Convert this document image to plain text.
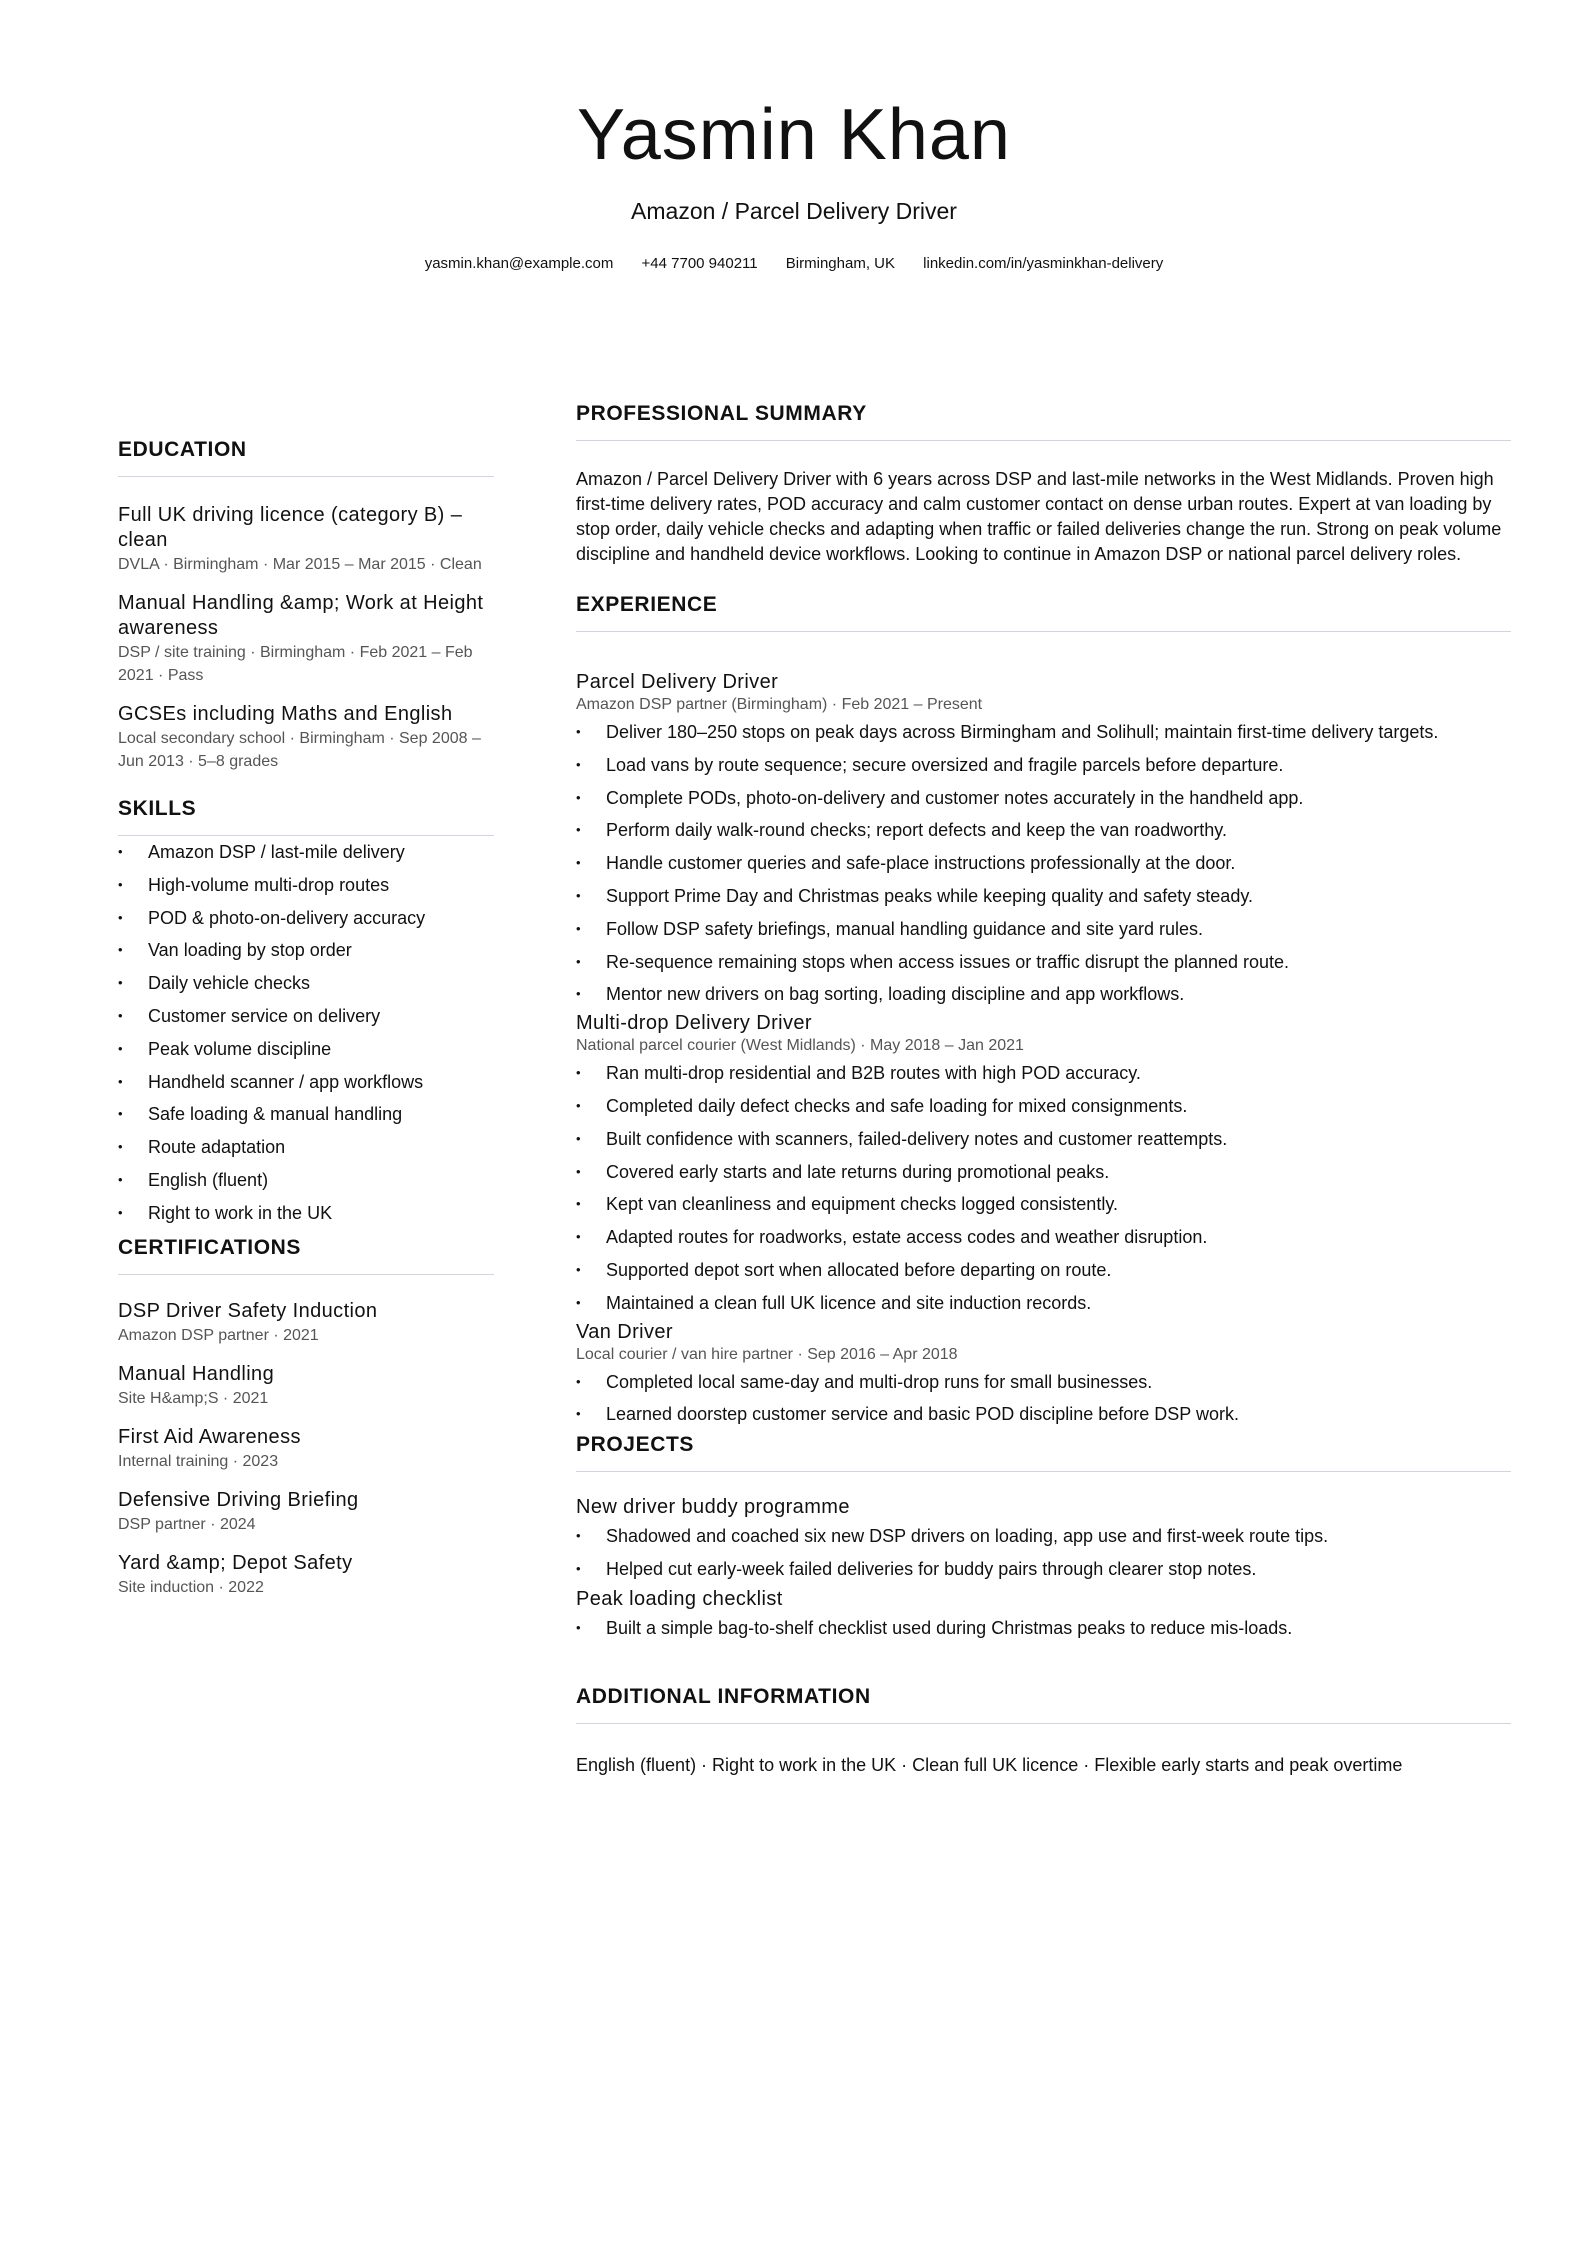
Yasmin Khan
Amazon / Parcel Delivery Driver
yasmin.khan@example.com +44 7700 940211 Birmingham, UK linkedin.com/in/yasminkhan-delivery
EDUCATION
Full UK driving licence (category B) – clean
DVLA · Birmingham · Mar 2015 – Mar 2015 · Clean
Manual Handling &amp; Work at Height awareness
DSP / site training · Birmingham · Feb 2021 – Feb 2021 · Pass
GCSEs including Maths and English
Local secondary school · Birmingham · Sep 2008 – Jun 2013 · 5–8 grades
SKILLS
• Amazon DSP / last-mile delivery
• High-volume multi-drop routes
• POD & photo-on-delivery accuracy
• Van loading by stop order
• Daily vehicle checks
• Customer service on delivery
• Peak volume discipline
• Handheld scanner / app workflows
• Safe loading & manual handling
• Route adaptation
• English (fluent)
• Right to work in the UK
CERTIFICATIONS
DSP Driver Safety Induction
Amazon DSP partner · 2021
Manual Handling
Site H&amp;S · 2021
First Aid Awareness
Internal training · 2023
Defensive Driving Briefing
DSP partner · 2024
Yard &amp; Depot Safety
Site induction · 2022
PROFESSIONAL SUMMARY
Amazon / Parcel Delivery Driver with 6 years across DSP and last-mile networks in the West Midlands. Proven high first-time delivery rates, POD accuracy and calm customer contact on dense urban routes. Expert at van loading by stop order, daily vehicle checks and adapting when traffic or failed deliveries change the run. Strong on peak volume discipline and handheld device workflows. Looking to continue in Amazon DSP or national parcel delivery roles.
EXPERIENCE
Parcel Delivery Driver
Amazon DSP partner (Birmingham) · Feb 2021 – Present
• Deliver 180–250 stops on peak days across Birmingham and Solihull; maintain first-time delivery targets.
• Load vans by route sequence; secure oversized and fragile parcels before departure.
• Complete PODs, photo-on-delivery and customer notes accurately in the handheld app.
• Perform daily walk-round checks; report defects and keep the van roadworthy.
• Handle customer queries and safe-place instructions professionally at the door.
• Support Prime Day and Christmas peaks while keeping quality and safety steady.
• Follow DSP safety briefings, manual handling guidance and site yard rules.
• Re-sequence remaining stops when access issues or traffic disrupt the planned route.
• Mentor new drivers on bag sorting, loading discipline and app workflows.
Multi-drop Delivery Driver
National parcel courier (West Midlands) · May 2018 – Jan 2021
• Ran multi-drop residential and B2B routes with high POD accuracy.
• Completed daily defect checks and safe loading for mixed consignments.
• Built confidence with scanners, failed-delivery notes and customer reattempts.
• Covered early starts and late returns during promotional peaks.
• Kept van cleanliness and equipment checks logged consistently.
• Adapted routes for roadworks, estate access codes and weather disruption.
• Supported depot sort when allocated before departing on route.
• Maintained a clean full UK licence and site induction records.
Van Driver
Local courier / van hire partner · Sep 2016 – Apr 2018
• Completed local same-day and multi-drop runs for small businesses.
• Learned doorstep customer service and basic POD discipline before DSP work.
PROJECTS
New driver buddy programme
• Shadowed and coached six new DSP drivers on loading, app use and first-week route tips.
• Helped cut early-week failed deliveries for buddy pairs through clearer stop notes.
Peak loading checklist
• Built a simple bag-to-shelf checklist used during Christmas peaks to reduce mis-loads.
ADDITIONAL INFORMATION
English (fluent) · Right to work in the UK · Clean full UK licence · Flexible early starts and peak overtime
